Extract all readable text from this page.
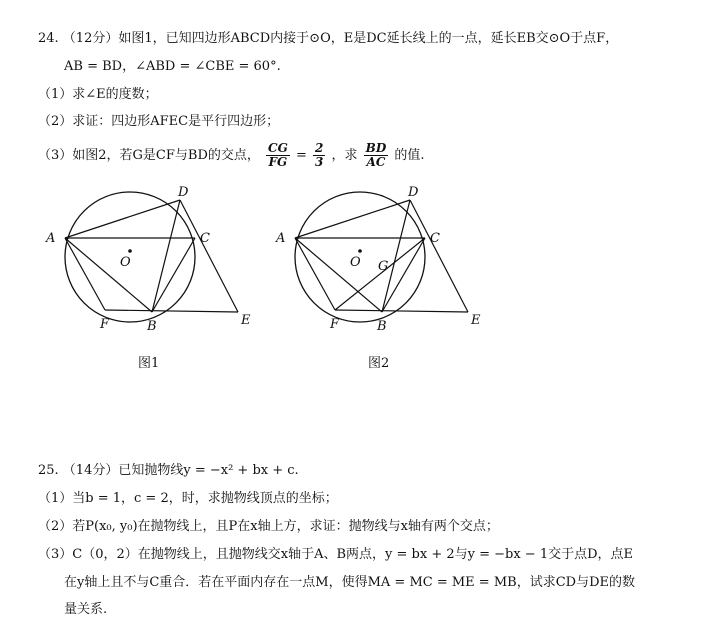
24. （12分）如图1，已知四边形ABCD内接于⊙O，E是DC延长线上的一点，延长EB交⊙O于点F，
AB = BD，∠ABD = ∠CBE = 60°.
（1）求∠E的度数；
（2）求证：四边形AFEC是平行四边形；
（3）如图2，若G是CF与BD的交点， $\frac{CG}{FG} = \frac{2}{3}$ ，求 $\frac{BD}{AC}$ 的值.
A
D
C
O
F	B	E
图1
A
D
C
O G
F	B	E
图2
25. （14分）已知抛物线y = −x² + bx + c.
（1）当b = 1，c = 2，时，求抛物线顶点的坐标；
（2）若P(x₀, y₀)在抛物线上，且P在x轴上方，求证：抛物线与x轴有两个交点；
（3）C（0，2）在抛物线上，且抛物线交x轴于A、B两点，y = bx + 2与y = −bx − 1交于点D，点E
在y轴上且不与C重合．若在平面内存在一点M，使得MA = MC = ME = MB，试求CD与DE的数
量关系.
